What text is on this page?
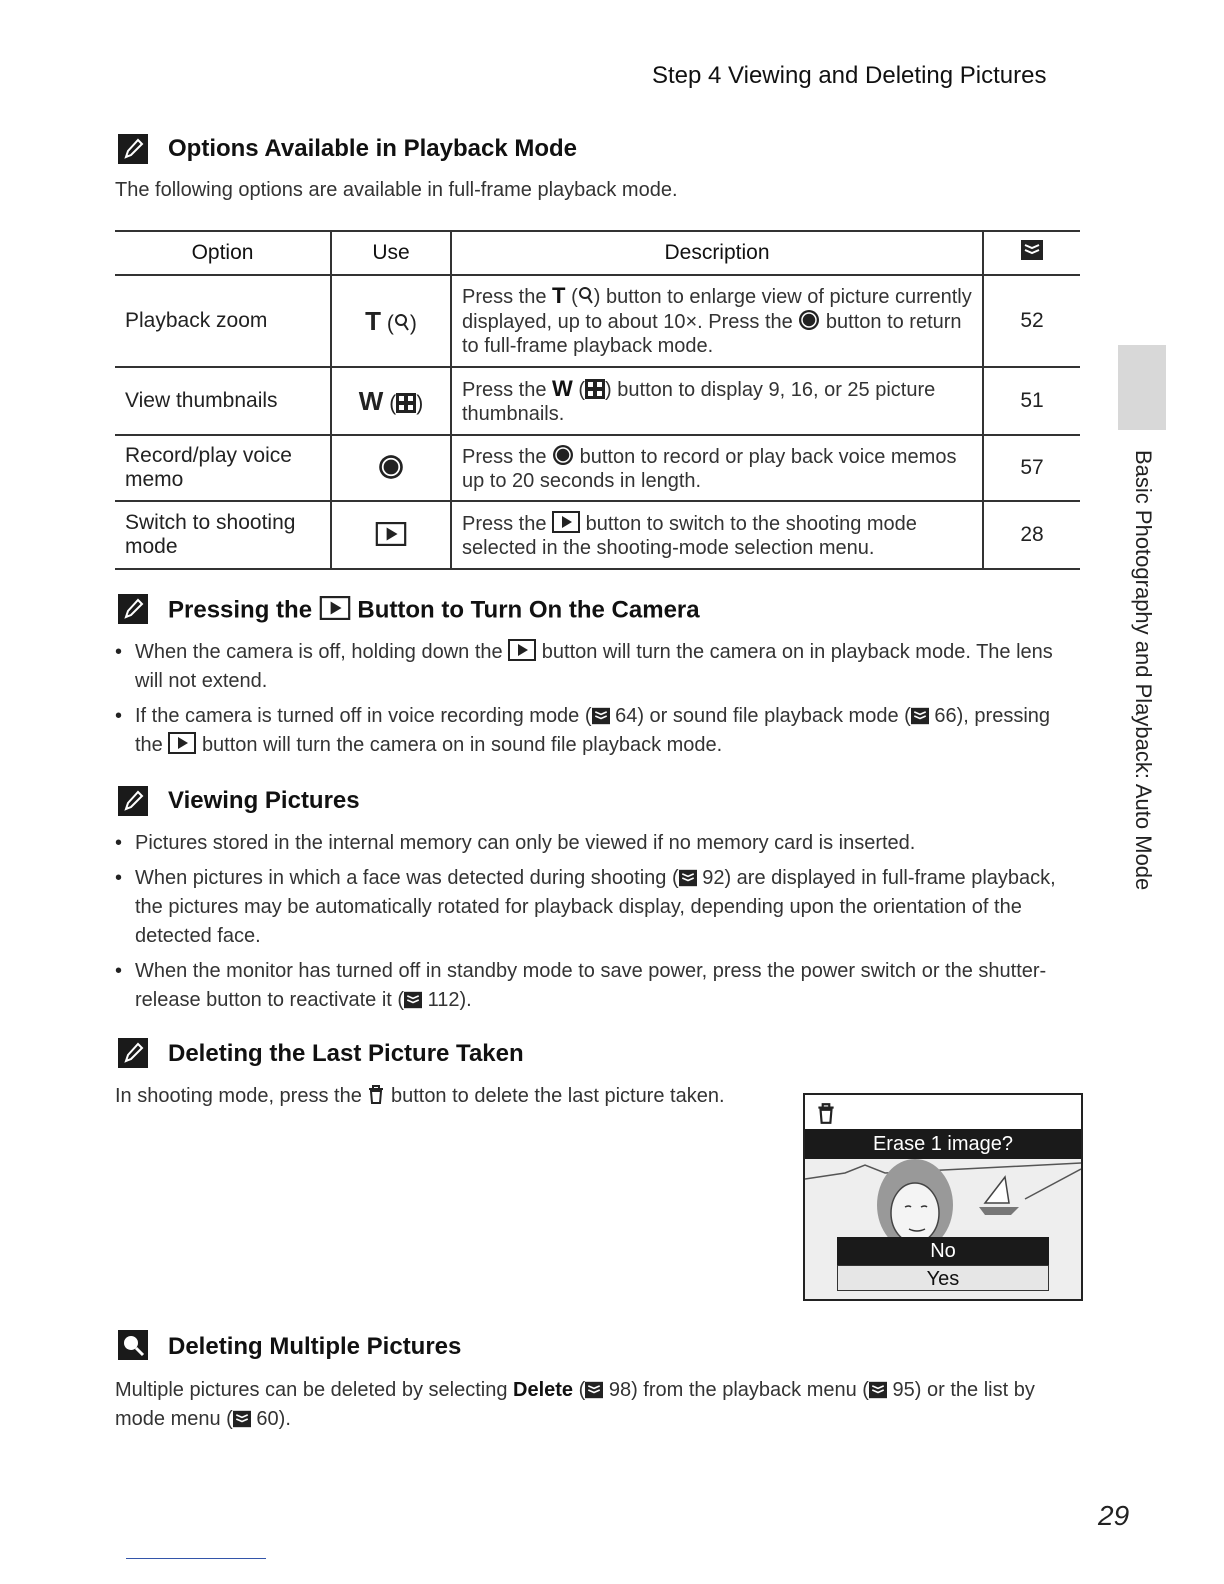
Step 4 Viewing and Deleting Pictures
Basic Photography and Playback: Auto Mode
Options Available in Playback Mode
The following options are available in full-frame playback mode.
Option	Use	Description	
Playback zoom	T ( )	Press the T ( ) button to enlarge view of picture currently displayed, up to about 10×. Press the button to return to full-frame playback mode.	52
View thumbnails	W ( )	Press the W ( ) button to display 9, 16, or 25 picture thumbnails.	51
Record/play voice memo		Press the button to record or play back voice memos up to 20 seconds in length.	57
Switch to shooting mode		Press the button to switch to the shooting mode selected in the shooting-mode selection menu.	28
Pressing the Button to Turn On the Camera
• When the camera is off, holding down the button will turn the camera on in playback mode. The lens will not extend.
• If the camera is turned off in voice recording mode ( 64) or sound file playback mode ( 66), pressing the button will turn the camera on in sound file playback mode.
Viewing Pictures
• Pictures stored in the internal memory can only be viewed if no memory card is inserted.
• When pictures in which a face was detected during shooting ( 92) are displayed in full-frame playback, the pictures may be automatically rotated for playback display, depending upon the orientation of the detected face.
• When the monitor has turned off in standby mode to save power, press the power switch or the shutter-release button to reactivate it ( 112).
Deleting the Last Picture Taken
In shooting mode, press the button to delete the last picture taken.
Erase 1 image?
No
Yes
Deleting Multiple Pictures
Multiple pictures can be deleted by selecting Delete ( 98) from the playback menu ( 95) or the list by mode menu ( 60).
29
